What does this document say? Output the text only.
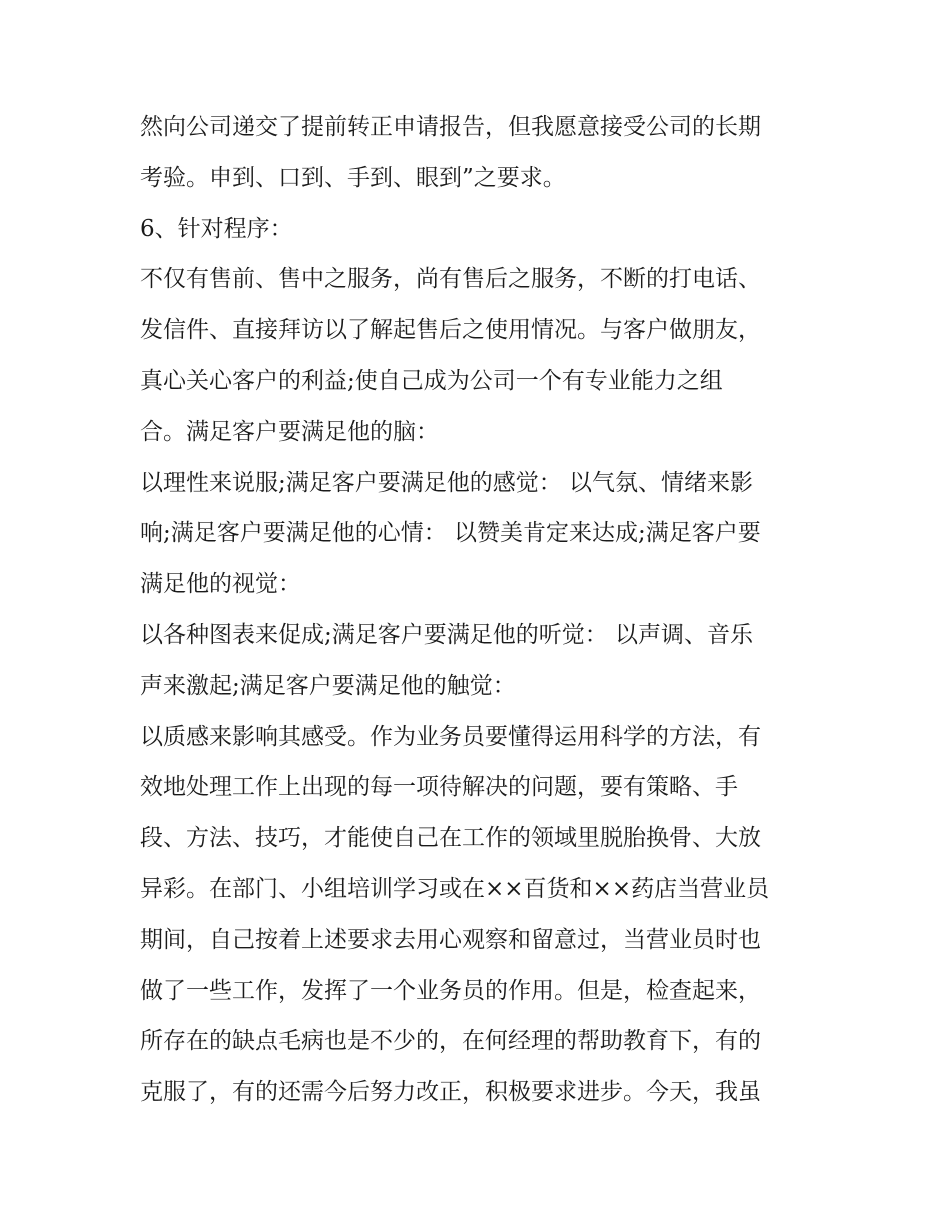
然向公司递交了提前转正申请报告，但我愿意接受公司的长期
考验。申到、口到、手到、眼到”之要求。
6、针对程序：
不仅有售前、售中之服务，尚有售后之服务，不断的打电话、
发信件、直接拜访以了解起售后之使用情况。与客户做朋友，
真心关心客户的利益;使自己成为公司一个有专业能力之组
合。满足客户要满足他的脑：
以理性来说服;满足客户要满足他的感觉： 以气氛、情绪来影
响;满足客户要满足他的心情： 以赞美肯定来达成;满足客户要
满足他的视觉：
以各种图表来促成;满足客户要满足他的听觉： 以声调、音乐
声来激起;满足客户要满足他的触觉：
以质感来影响其感受。作为业务员要懂得运用科学的方法，有
效地处理工作上出现的每一项待解决的问题，要有策略、手
段、方法、技巧，才能使自己在工作的领域里脱胎换骨、大放
异彩。在部门、小组培训学习或在××百货和××药店当营业员
期间，自己按着上述要求去用心观察和留意过，当营业员时也
做了一些工作，发挥了一个业务员的作用。但是，检查起来，
所存在的缺点毛病也是不少的，在何经理的帮助教育下，有的
克服了，有的还需今后努力改正，积极要求进步。今天，我虽
